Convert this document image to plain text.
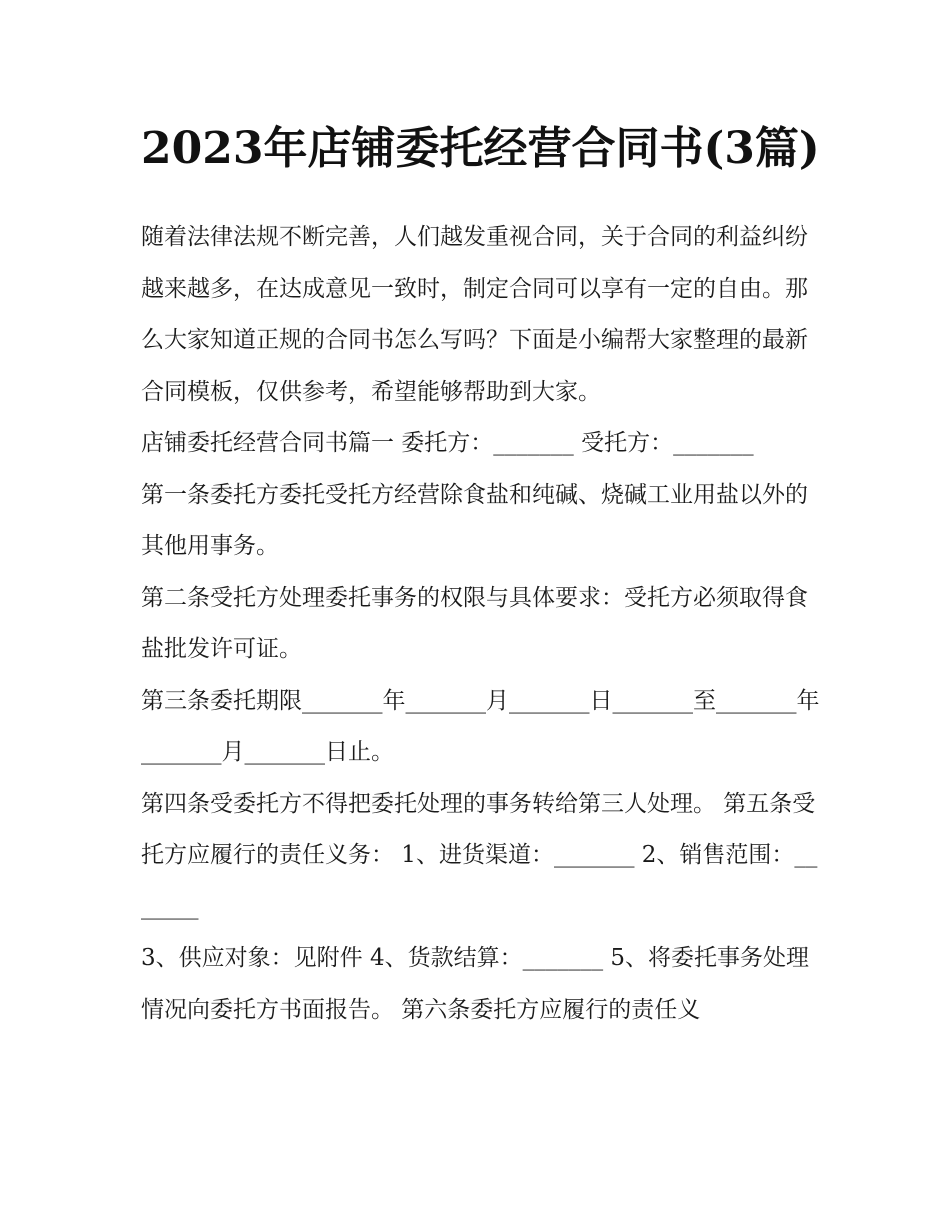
2023年店铺委托经营合同书(3篇)

随着法律法规不断完善，人们越发重视合同，关于合同的利益纠纷越来越多，在达成意见一致时，制定合同可以享有一定的自由。那么大家知道正规的合同书怎么写吗？下面是小编帮大家整理的最新合同模板，仅供参考，希望能够帮助到大家。

店铺委托经营合同书篇一 委托方：_______ 受托方：_______

第一条委托方委托受托方经营除食盐和纯碱、烧碱工业用盐以外的其他用事务。

第二条受托方处理委托事务的权限与具体要求：受托方必须取得食盐批发许可证。

第三条委托期限_______年_______月_______日_______至_______年_______月_______日止。

第四条受委托方不得把委托处理的事务转给第三人处理。 第五条受托方应履行的责任义务： 1、进货渠道：_______ 2、销售范围：_______

3、供应对象：见附件 4、货款结算：_______ 5、将委托事务处理情况向委托方书面报告。 第六条委托方应履行的责任义
